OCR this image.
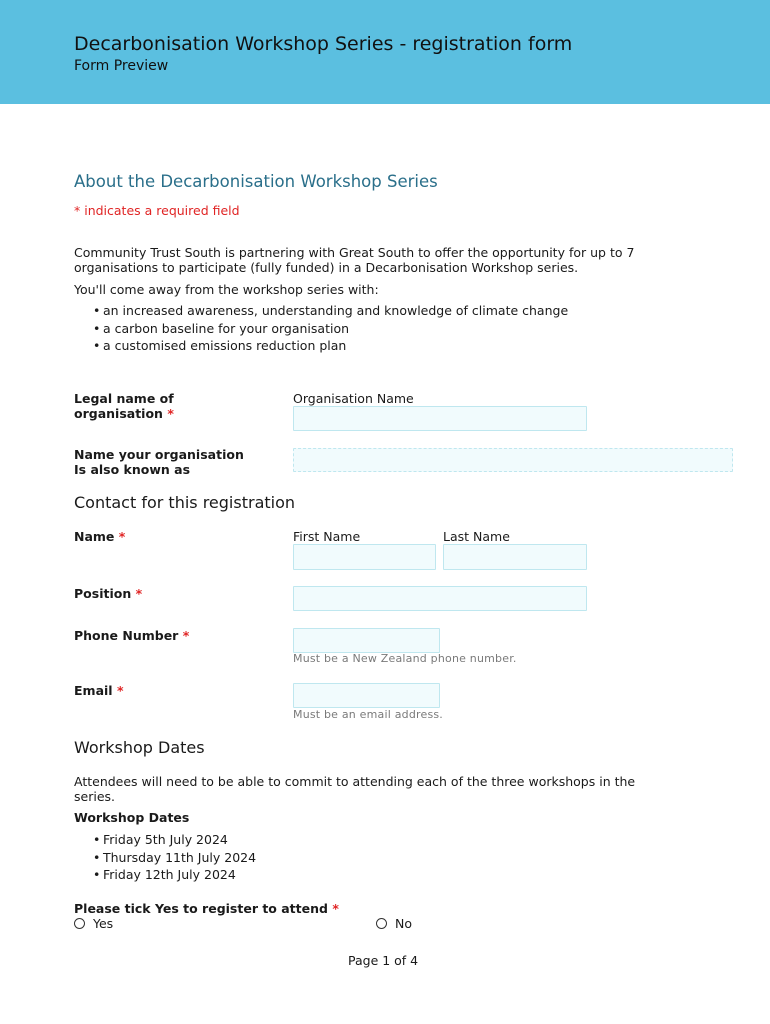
Decarbonisation Workshop Series - registration form
Form Preview
About the Decarbonisation Workshop Series
* indicates a required field
Community Trust South is partnering with Great South to offer the opportunity for up to 7
organisations to participate (fully funded) in a Decarbonisation Workshop series.
You'll come away from the workshop series with:
• an increased awareness, understanding and knowledge of climate change
• a carbon baseline for your organisation
• a customised emissions reduction plan
Legal name of
organisation *
Organisation Name
Name your organisation
Is also known as
Contact for this registration
Name *	First Name	Last Name
Position *
Phone Number *
Must be a New Zealand phone number.
Email *
Must be an email address.
Workshop Dates
Attendees will need to be able to commit to attending each of the three workshops in the
series.
Workshop Dates
• Friday 5th July 2024
• Thursday 11th July 2024
• Friday 12th July 2024
Please tick Yes to register to attend *
Yes	No
Page 1 of 4
